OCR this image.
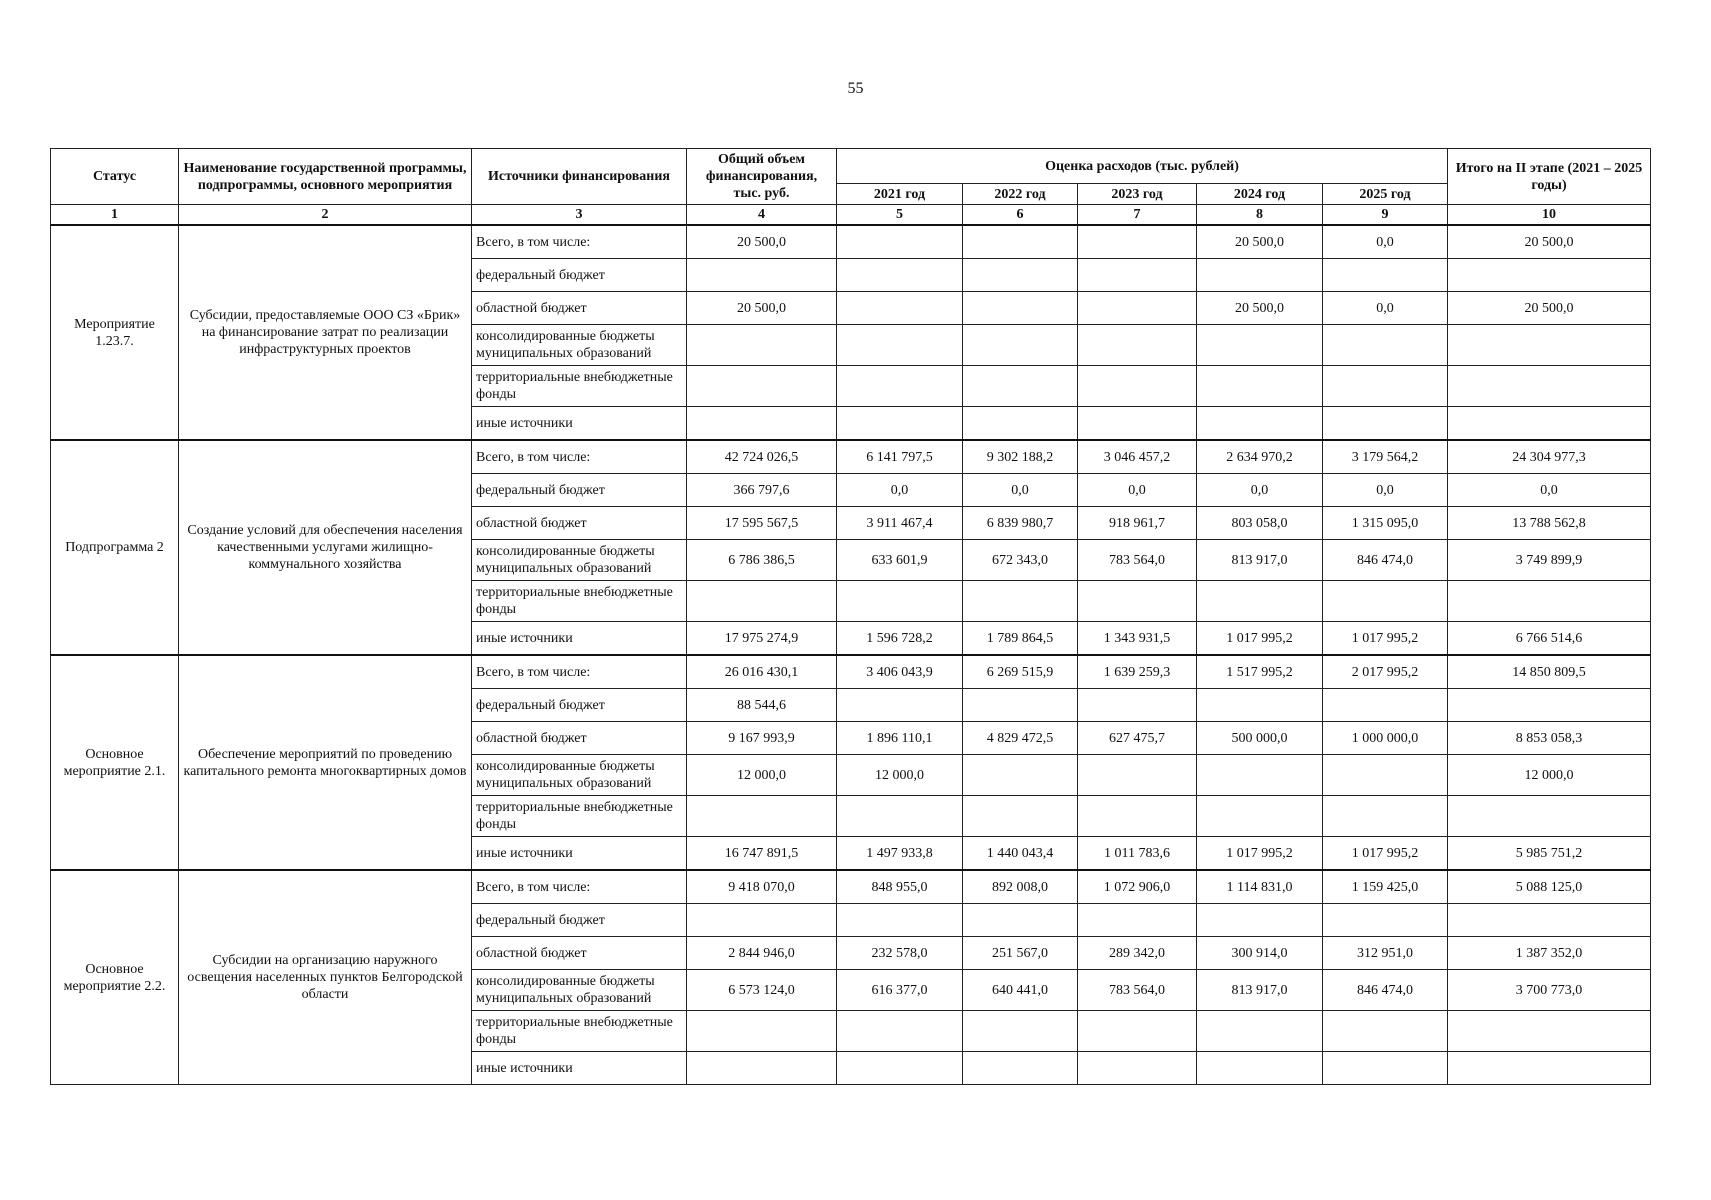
55
Статус	Наименование государственной программы, подпрограммы, основного мероприятия	Источники финансирования	Общий объем финансирования, тыс. руб.	Оценка расходов (тыс. рублей)					Итого на II этапе (2021 – 2025 годы)
				2021 год	2022 год	2023 год	2024 год	2025 год	
1	2	3	4	5	6	7	8	9	10
Мероприятие 1.23.7.	Субсидии, предоставляемые ООО СЗ «Брик» на финансирование затрат по реализации инфраструктурных проектов	Всего, в том числе:	20 500,0				20 500,0	0,0	20 500,0
		федеральный бюджет							
		областной бюджет	20 500,0				20 500,0	0,0	20 500,0
		консолидированные бюджеты муниципальных образований							
		территориальные внебюджетные фонды							
		иные источники							
Подпрограмма 2	Создание условий для обеспечения населения качественными услугами жилищно-коммунального хозяйства	Всего, в том числе:	42 724 026,5	6 141 797,5	9 302 188,2	3 046 457,2	2 634 970,2	3 179 564,2	24 304 977,3
		федеральный бюджет	366 797,6	0,0	0,0	0,0	0,0	0,0	0,0
		областной бюджет	17 595 567,5	3 911 467,4	6 839 980,7	918 961,7	803 058,0	1 315 095,0	13 788 562,8
		консолидированные бюджеты муниципальных образований	6 786 386,5	633 601,9	672 343,0	783 564,0	813 917,0	846 474,0	3 749 899,9
		территориальные внебюджетные фонды							
		иные источники	17 975 274,9	1 596 728,2	1 789 864,5	1 343 931,5	1 017 995,2	1 017 995,2	6 766 514,6
Основное мероприятие 2.1.	Обеспечение мероприятий по проведению капитального ремонта многоквартирных домов	Всего, в том числе:	26 016 430,1	3 406 043,9	6 269 515,9	1 639 259,3	1 517 995,2	2 017 995,2	14 850 809,5
		федеральный бюджет	88 544,6						
		областной бюджет	9 167 993,9	1 896 110,1	4 829 472,5	627 475,7	500 000,0	1 000 000,0	8 853 058,3
		консолидированные бюджеты муниципальных образований	12 000,0	12 000,0					12 000,0
		территориальные внебюджетные фонды							
		иные источники	16 747 891,5	1 497 933,8	1 440 043,4	1 011 783,6	1 017 995,2	1 017 995,2	5 985 751,2
Основное мероприятие 2.2.	Субсидии на организацию наружного освещения населенных пунктов Белгородской области	Всего, в том числе:	9 418 070,0	848 955,0	892 008,0	1 072 906,0	1 114 831,0	1 159 425,0	5 088 125,0
		федеральный бюджет							
		областной бюджет	2 844 946,0	232 578,0	251 567,0	289 342,0	300 914,0	312 951,0	1 387 352,0
		консолидированные бюджеты муниципальных образований	6 573 124,0	616 377,0	640 441,0	783 564,0	813 917,0	846 474,0	3 700 773,0
		территориальные внебюджетные фонды							
		иные источники							
